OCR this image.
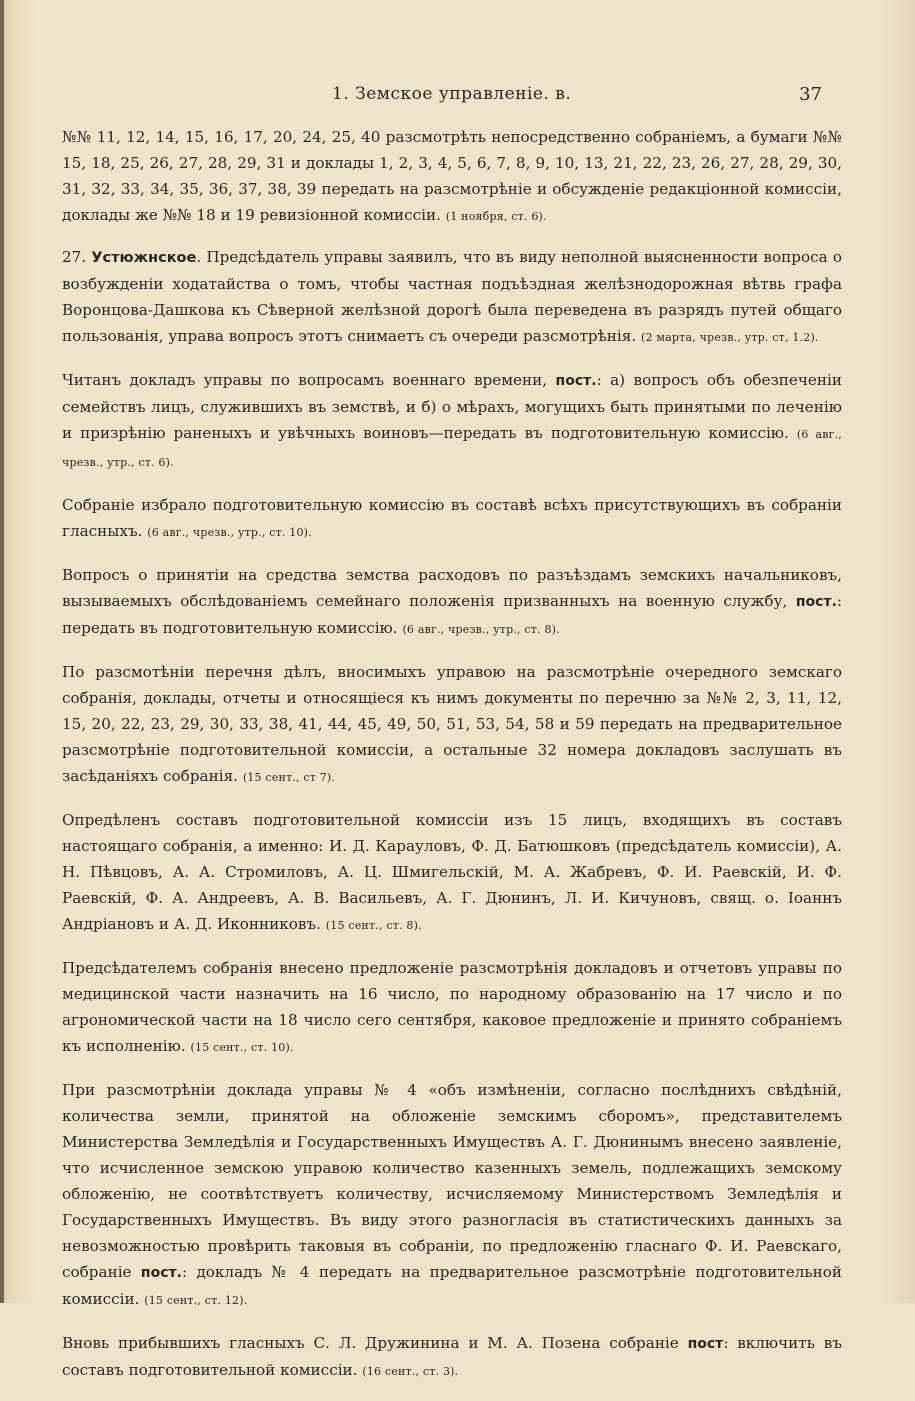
1. Земское управленіе. в.	37

№№ 11, 12, 14, 15, 16, 17, 20, 24, 25, 40 разсмотрѣть непосредственно собраніемъ, а бумаги №№ 15, 18, 25, 26, 27, 28, 29, 31 и доклады 1, 2, 3, 4, 5, 6, 7, 8, 9, 10, 13, 21, 22, 23, 26, 27, 28, 29, 30, 31, 32, 33, 34, 35, 36, 37, 38, 39 передать на разсмотрѣніе и обсужденіе редакціонной комиссіи, доклады же №№ 18 и 19 ревизіонной комиссіи. (1 ноября, ст. 6).

27. Устюжнское. Предсѣдатель управы заявилъ, что въ виду неполной выясненности вопроса о возбужденіи ходатайства о томъ, чтобы частная подъѣздная желѣзнодорожная вѣтвь графа Воронцова-Дашкова къ Сѣверной желѣзной дорогѣ была переведена въ разрядъ путей общаго пользованія, управа вопросъ этотъ снимаетъ съ очереди разсмотрѣнія. (2 марта, чрезв., утр. ст, 1.2).

Читанъ докладъ управы по вопросамъ военнаго времени, пост.: а) вопросъ объ обезпеченіи семействъ лицъ, служившихъ въ земствѣ, и б) о мѣрахъ, могущихъ быть принятыми по леченію и призрѣнію раненыхъ и увѣчныхъ воиновъ—передать въ подготовительную комиссію. (6 авг., чрезв., утр., ст. 6).

Собраніе избрало подготовительную комиссію въ составѣ всѣхъ присутствующихъ въ собраніи гласныхъ. (6 авг., чрезв., утр., ст. 10).

Вопросъ о принятіи на средства земства расходовъ по разъѣздамъ земскихъ начальниковъ, вызываемыхъ обслѣдованіемъ семейнаго положенія призванныхъ на военную службу, пост.: передать въ подготовительную комиссію. (6 авг., чрезв., утр., ст. 8).

По разсмотѣніи перечня дѣлъ, вносимыхъ управою на разсмотрѣніе очередного земскаго собранія, доклады, отчеты и относящіеся къ нимъ документы по перечню за №№ 2, 3, 11, 12, 15, 20, 22, 23, 29, 30, 33, 38, 41, 44, 45, 49, 50, 51, 53, 54, 58 и 59 передать на предварительное разсмотрѣніе подготовительной комиссіи, а остальные 32 номера докладовъ заслушать въ засѣданіяхъ собранія. (15 сент., ст 7).

Опредѣленъ составъ подготовительной комиссіи изъ 15 лицъ, входящихъ въ составъ настоящаго собранія, а именно: И. Д. Карауловъ, Ф. Д. Батюшковъ (предсѣдатель комиссіи), А. Н. Пѣвцовъ, А. А. Стромиловъ, А. Ц. Шмигельскій, М. А. Жабревъ, Ф. И. Раевскій, И. Ф. Раевскій, Ф. А. Андреевъ, А. В. Васильевъ, А. Г. Дюнинъ, Л. И. Кичуновъ, свящ. о. Іоаннъ Андріановъ и А. Д. Иконниковъ. (15 сент., ст. 8).

Предсѣдателемъ собранія внесено предложеніе разсмотрѣнія докладовъ и отчетовъ управы по медицинской части назначить на 16 число, по народному образованію на 17 число и по агрономической части на 18 число сего сентября, каковое предложеніе и принято собраніемъ къ исполненію. (15 сент., ст. 10).

При разсмотрѣніи доклада управы № 4 «объ измѣненіи, согласно послѣднихъ свѣдѣній, количества земли, принятой на обложеніе земскимъ сборомъ», представителемъ Министерства Земледѣлія и Государственныхъ Имуществъ А. Г. Дюнинымъ внесено заявленіе, что исчисленное земскою управою количество казенныхъ земель, подлежащихъ земскому обложенію, не соотвѣтствуетъ количеству, исчисляемому Министерствомъ Земледѣлія и Государственныхъ Имуществъ. Въ виду этого разногласія въ статистическихъ данныхъ за невозможностью провѣрить таковыя въ собраніи, по предложенію гласнаго Ф. И. Раевскаго, собраніе пост.: докладъ № 4 передать на предварительное разсмотрѣніе подготовительной комиссіи. (15 сент., ст. 12).

Вновь прибывшихъ гласныхъ С. Л. Дружинина и М. А. Позена собраніе пост: включить въ составъ подготовительной комиссіи. (16 сент., ст. 3).
